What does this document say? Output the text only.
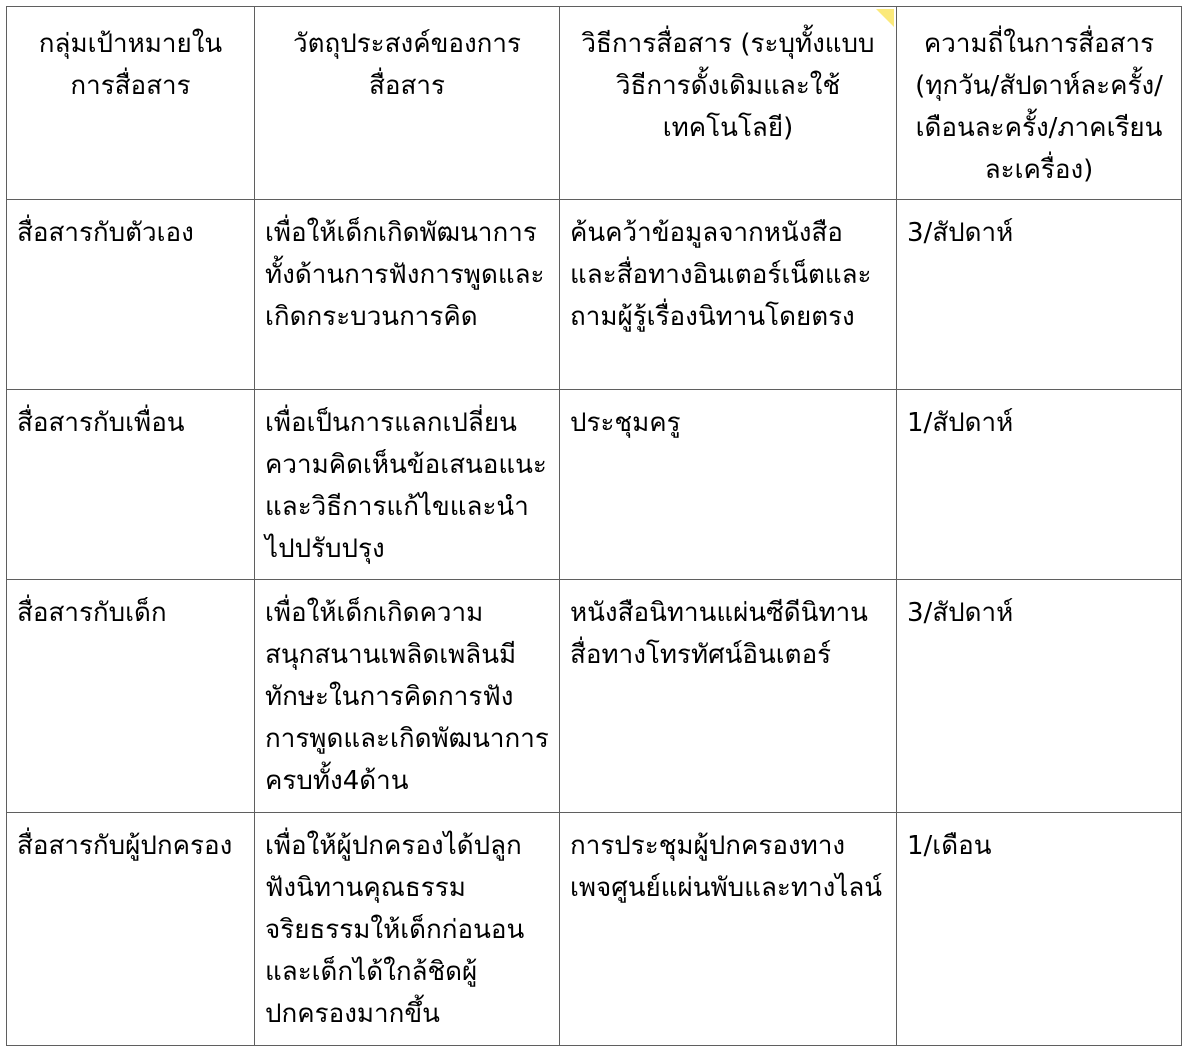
กลุ่มเป้าหมายในการสื่อสาร	วัตถุประสงค์ของการสื่อสาร	วิธีการสื่อสาร (ระบุทั้งแบบวิธีการดั้งเดิมและใช้เทคโนโลยี)	ความถี่ในการสื่อสาร (ทุกวัน/สัปดาห์ละครั้ง/เดือนละครั้ง/ภาคเรียนละเครื่อง)
สื่อสารกับตัวเอง	เพื่อให้เด็กเกิดพัฒนาการทั้งด้านการฟังการพูดและเกิดกระบวนการคิด	ค้นคว้าข้อมูลจากหนังสือและสื่อทางอินเตอร์เน็ตและถามผู้รู้เรื่องนิทานโดยตรง	3/สัปดาห์
สื่อสารกับเพื่อน	เพื่อเป็นการแลกเปลี่ยนความคิดเห็นข้อเสนอแนะและวิธีการแก้ไขและนำไปปรับปรุง	ประชุมครู	1/สัปดาห์
สื่อสารกับเด็ก	เพื่อให้เด็กเกิดความสนุกสนานเพลิดเพลินมีทักษะในการคิดการฟังการพูดและเกิดพัฒนาการครบทั้ง4ด้าน	หนังสือนิทานแผ่นซีดีนิทานสื่อทางโทรทัศน์อินเตอร์	3/สัปดาห์
สื่อสารกับผู้ปกครอง	เพื่อให้ผู้ปกครองได้ปลูกฟังนิทานคุณธรรมจริยธรรมให้เด็กก่อนอนและเด็กได้ใกล้ชิดผู้ปกครองมากขึ้น	การประชุมผู้ปกครองทางเพจศูนย์แผ่นพับและทางไลน์	1/เดือน
